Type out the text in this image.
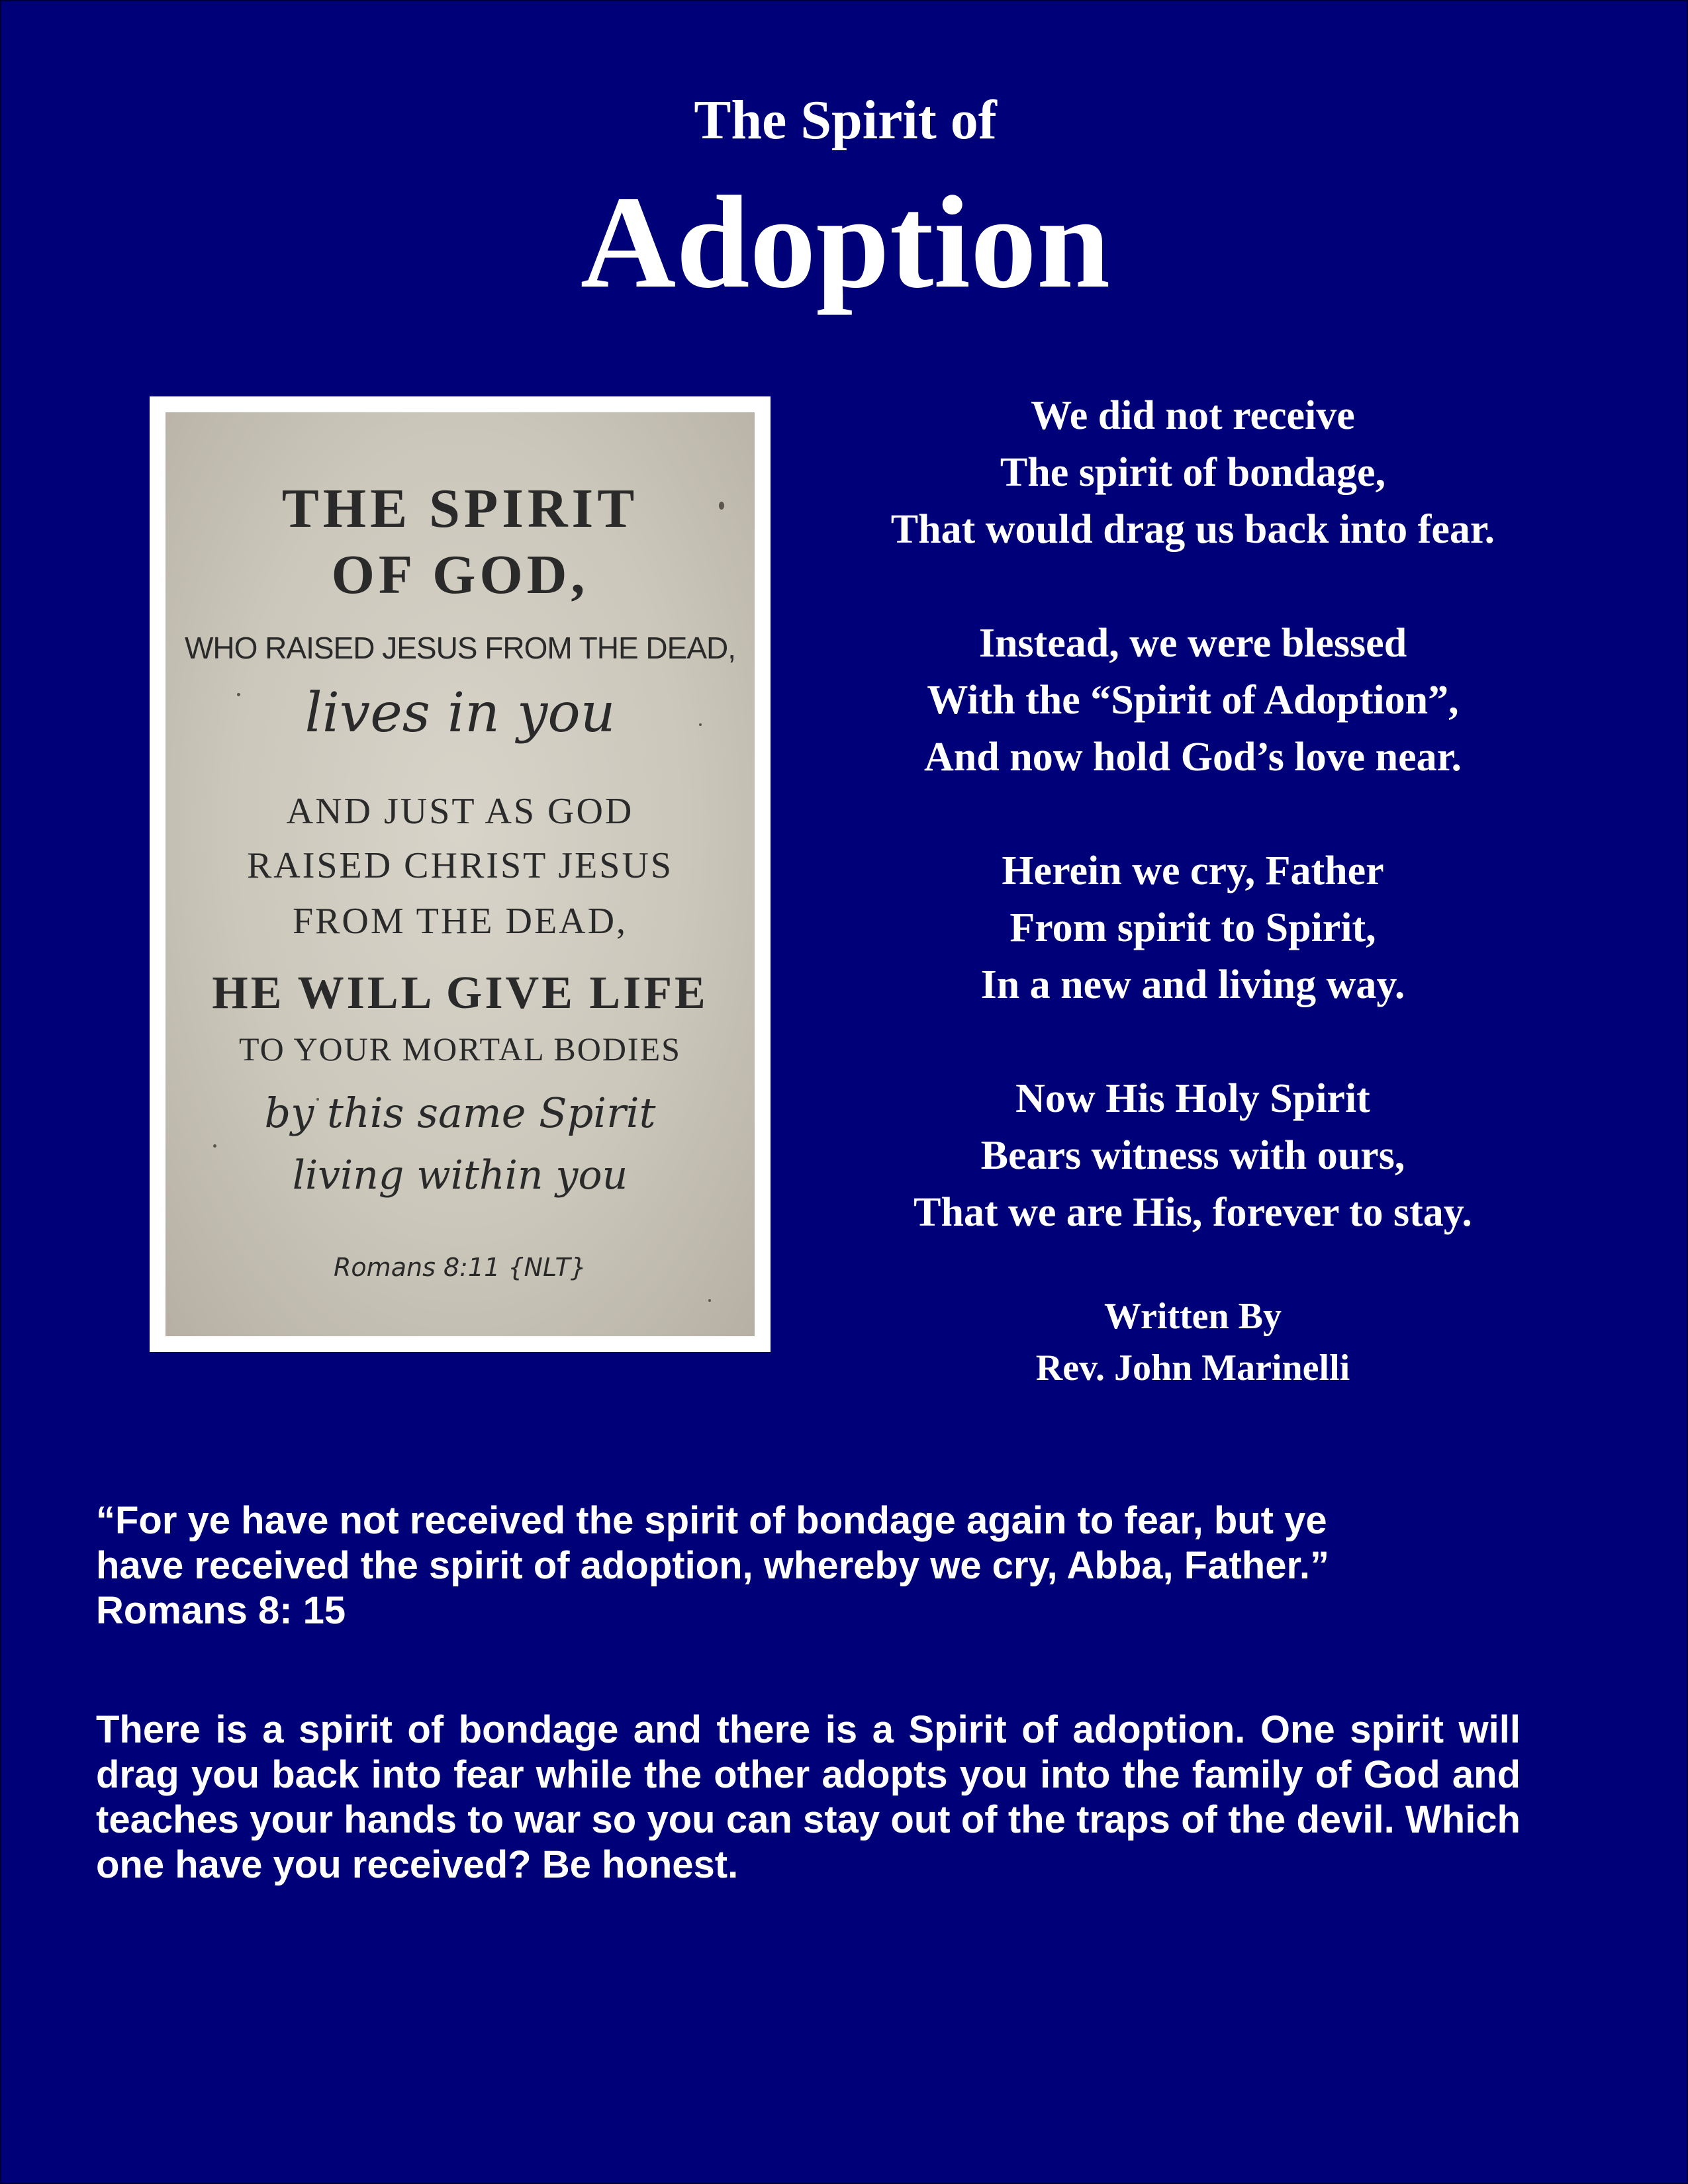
The Spirit of
Adoption
THE SPIRIT
OF GOD,
WHO RAISED JESUS FROM THE DEAD,
lives in you
AND JUST AS GOD
RAISED CHRIST JESUS
FROM THE DEAD,
HE WILL GIVE LIFE
TO YOUR MORTAL BODIES
by this same Spirit
living within you
Romans 8:11 {NLT}
We did not receive
The spirit of bondage,
That would drag us back into fear.
Instead, we were blessed
With the “Spirit of Adoption”,
And now hold God’s love near.
Herein we cry, Father
From spirit to Spirit,
In a new and living way.
Now His Holy Spirit
Bears witness with ours,
That we are His, forever to stay.
Written By
Rev. John Marinelli
“For ye have not received the spirit of bondage again to fear, but ye
have received the spirit of adoption, whereby we cry, Abba, Father.”
Romans 8: 15
There is a spirit of bondage and there is a Spirit of adoption. One spirit will drag you back into fear while the other adopts you into the family of God and teaches your hands to war so you can stay out of the traps of the devil. Which one have you received? Be honest.
